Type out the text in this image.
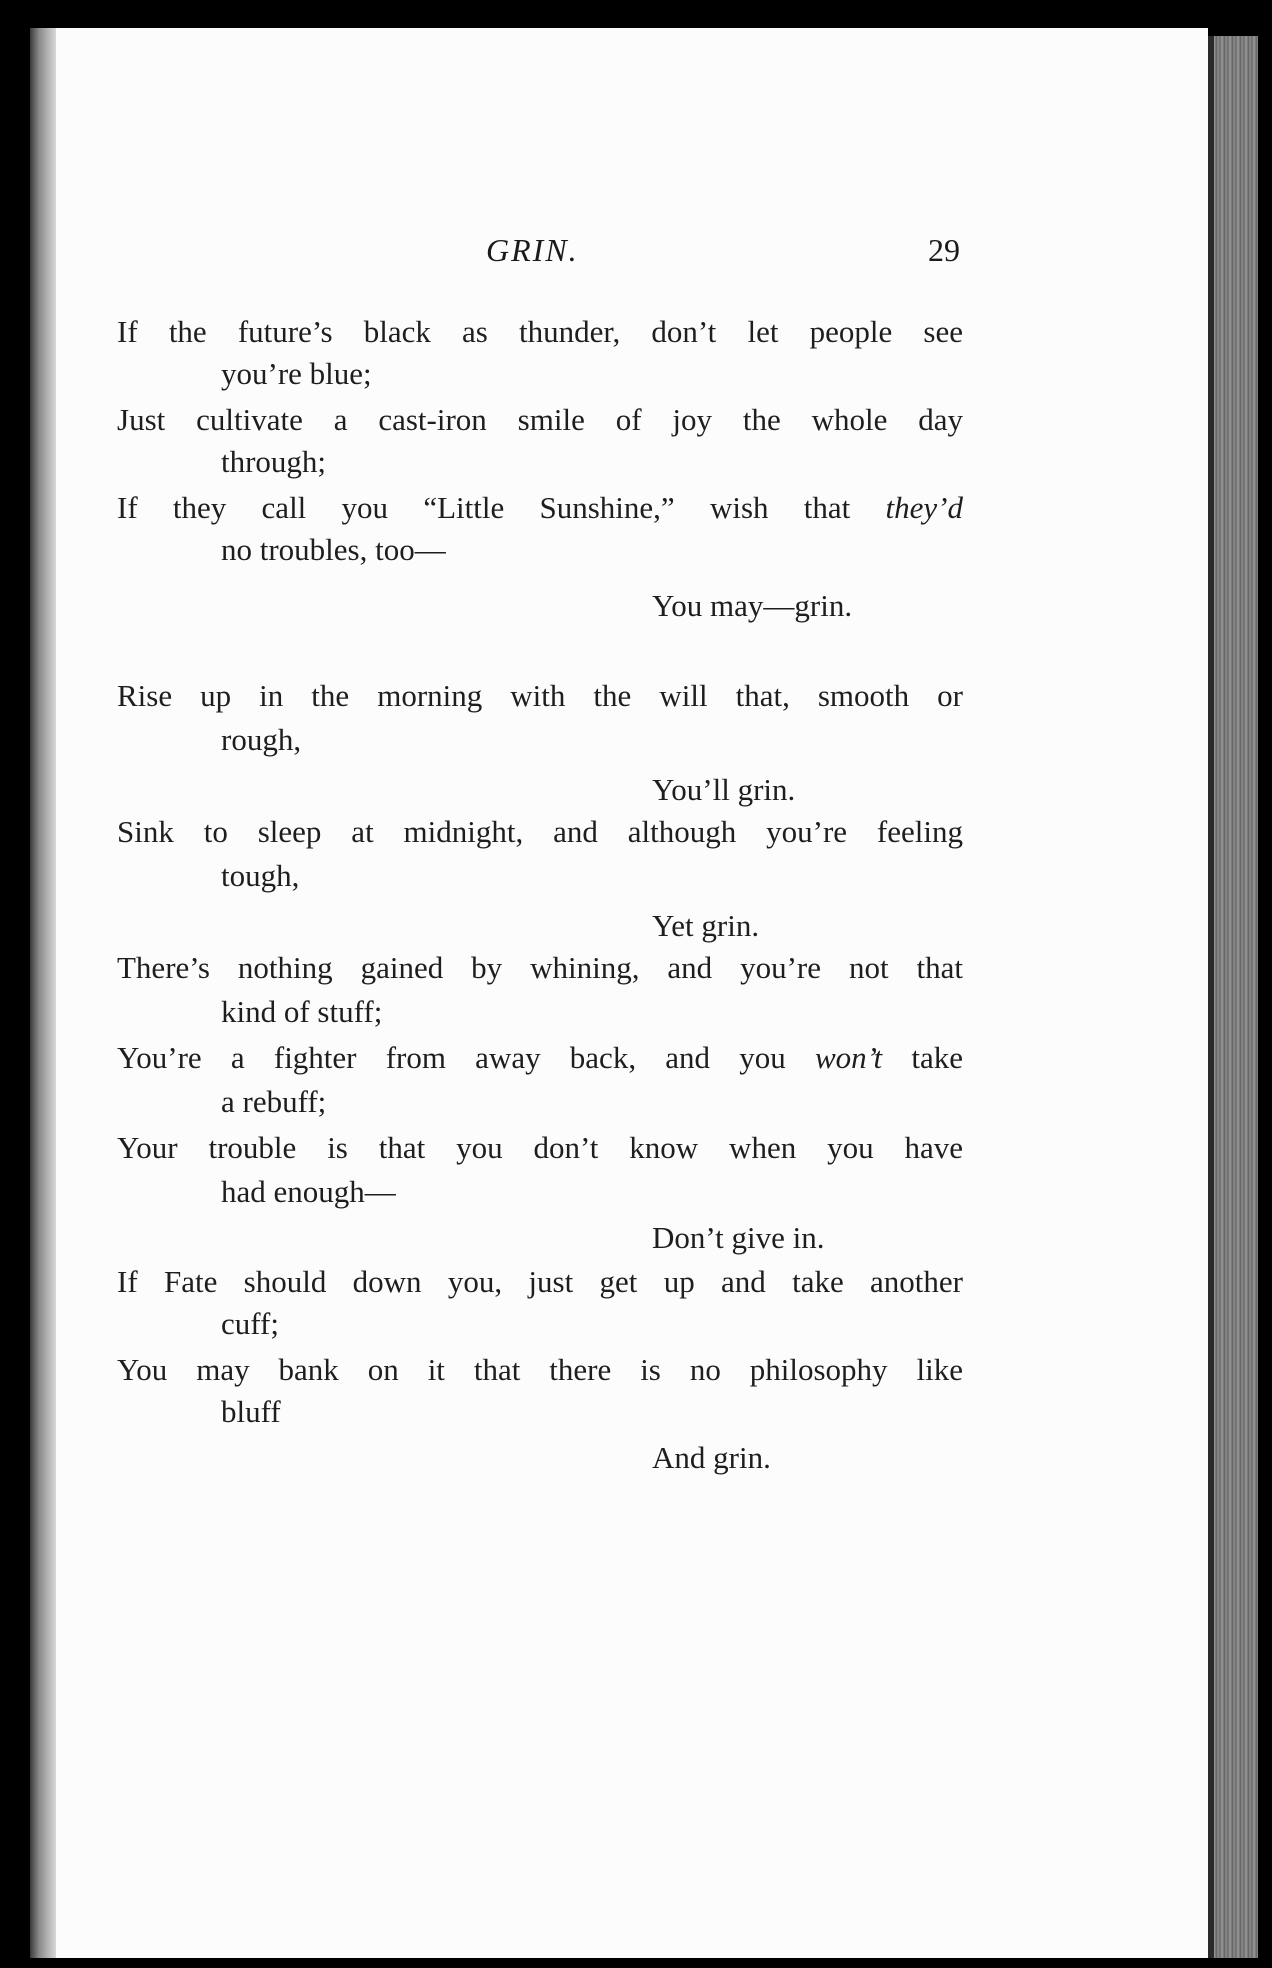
GRIN.	29
If the future’s black as thunder, don’t let people see
you’re blue;
Just cultivate a cast-iron smile of joy the whole day
through;
If they call you “Little Sunshine,” wish that they’d
no troubles, too—
You may—grin.
Rise up in the morning with the will that, smooth or
rough,
You’ll grin.
Sink to sleep at midnight, and although you’re feeling
tough,
Yet grin.
There’s nothing gained by whining, and you’re not that
kind of stuff;
You’re a fighter from away back, and you won’t take
a rebuff;
Your trouble is that you don’t know when you have
had enough—
Don’t give in.
If Fate should down you, just get up and take another
cuff;
You may bank on it that there is no philosophy like
bluff
And grin.
